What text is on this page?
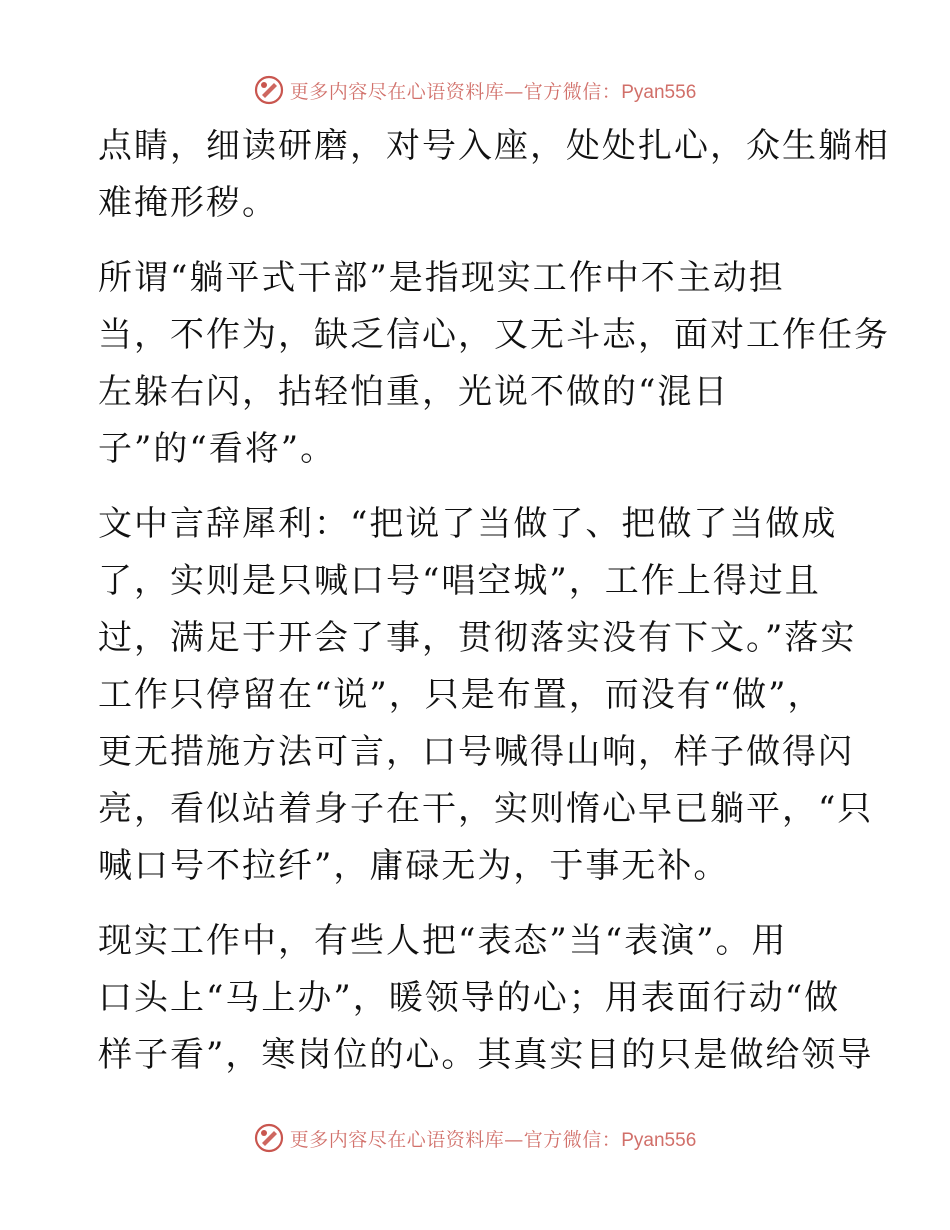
更多内容尽在心语资料库—官方微信：Pyan556
点睛，细读研磨，对号入座，处处扎心，众生躺相
难掩形秽。
所谓“躺平式干部”是指现实工作中不主动担
当，不作为，缺乏信心，又无斗志，面对工作任务
左躲右闪，拈轻怕重，光说不做的“混日
子”的“看将”。
文中言辞犀利：“把说了当做了、把做了当做成
了，实则是只喊口号“唱空城”，工作上得过且
过，满足于开会了事，贯彻落实没有下文。”落实
工作只停留在“说”，只是布置，而没有“做”，
更无措施方法可言，口号喊得山响，样子做得闪
亮，看似站着身子在干，实则惰心早已躺平，“只
喊口号不拉纤”，庸碌无为，于事无补。
现实工作中，有些人把“表态”当“表演”。用
口头上“马上办”，暖领导的心；用表面行动“做
样子看”，寒岗位的心。其真实目的只是做给领导
更多内容尽在心语资料库—官方微信：Pyan556
